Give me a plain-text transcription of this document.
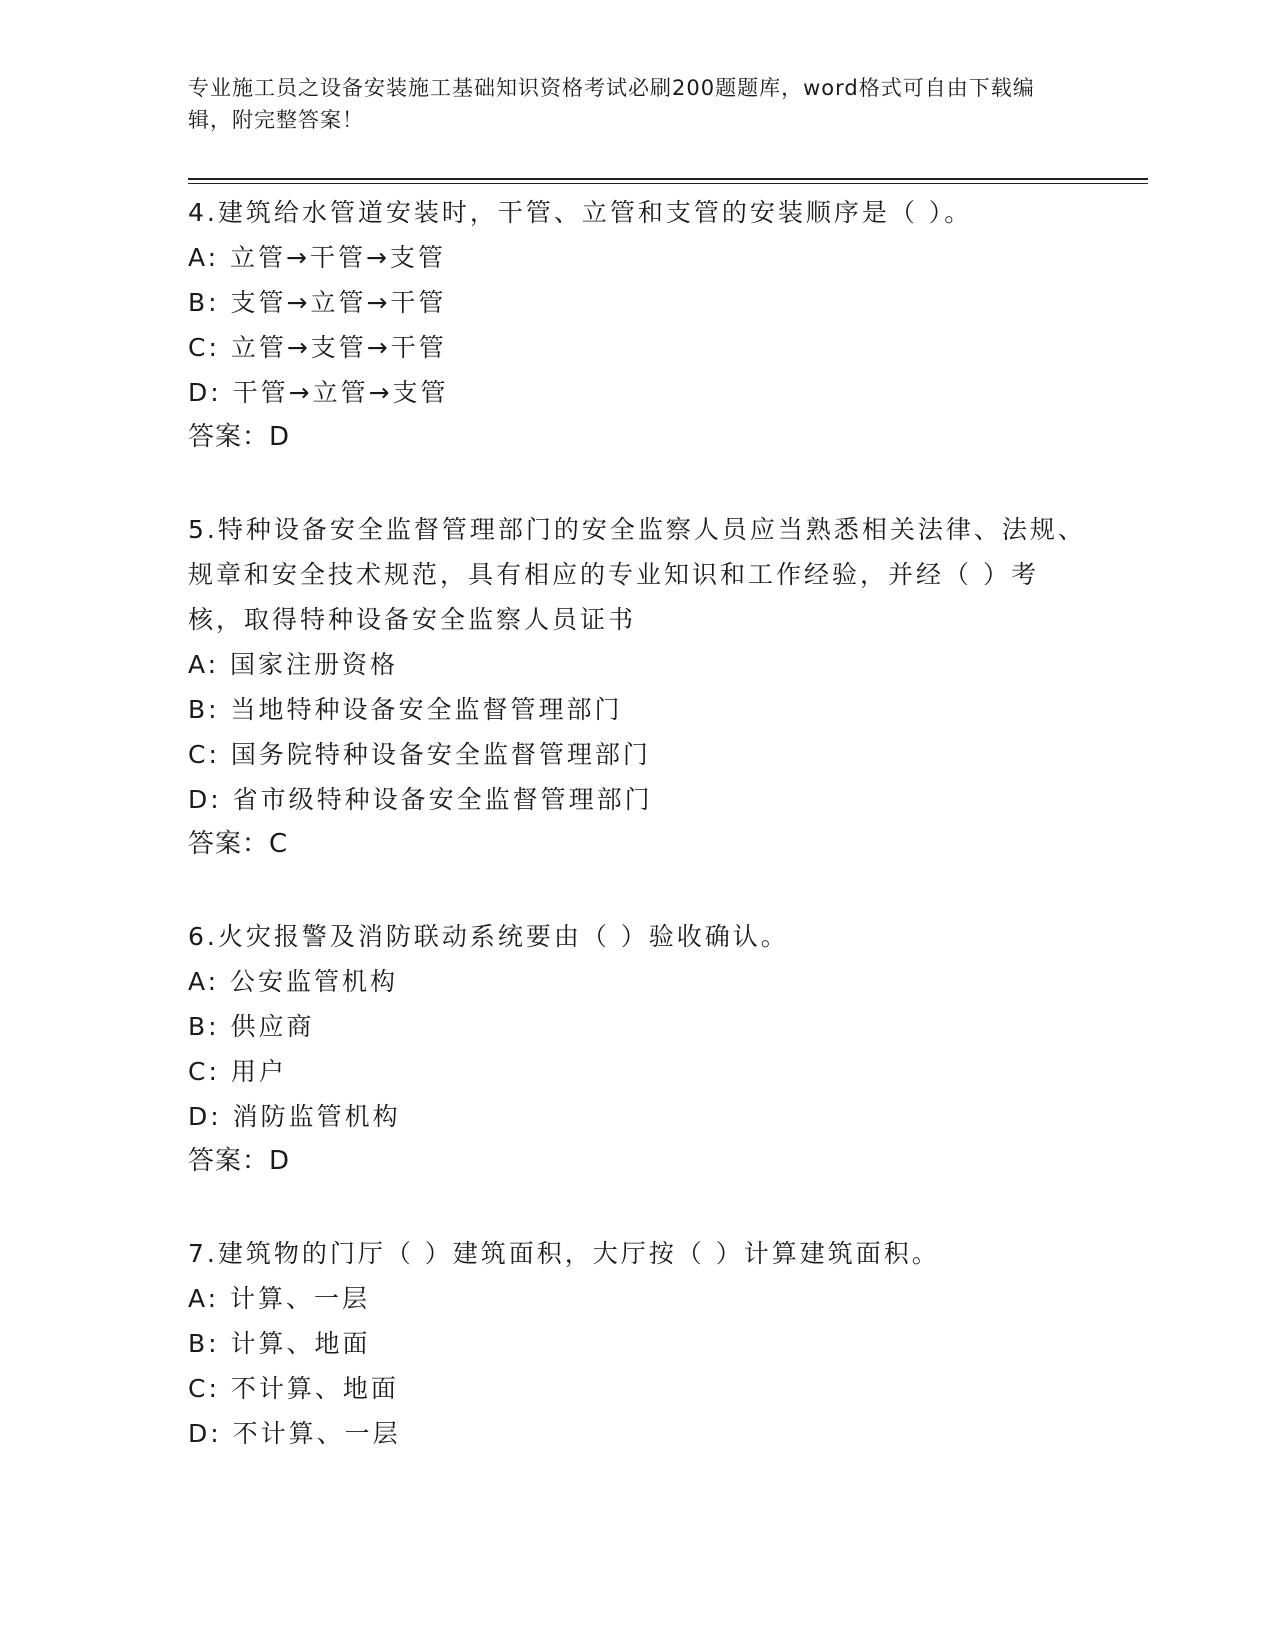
专业施工员之设备安装施工基础知识资格考试必刷200题题库，word格式可自由下载编辑，附完整答案！
4.建筑给水管道安装时，干管、立管和支管的安装顺序是（ ）。
A: 立管→干管→支管
B: 支管→立管→干管
C: 立管→支管→干管
D: 干管→立管→支管
答案：D
5.特种设备安全监督管理部门的安全监察人员应当熟悉相关法律、法规、规章和安全技术规范，具有相应的专业知识和工作经验，并经（ ）考核，取得特种设备安全监察人员证书
A: 国家注册资格
B: 当地特种设备安全监督管理部门
C: 国务院特种设备安全监督管理部门
D: 省市级特种设备安全监督管理部门
答案：C
6.火灾报警及消防联动系统要由（ ）验收确认。
A: 公安监管机构
B: 供应商
C: 用户
D: 消防监管机构
答案：D
7.建筑物的门厅（ ）建筑面积，大厅按（ ）计算建筑面积。
A: 计算、一层
B: 计算、地面
C: 不计算、地面
D: 不计算、一层
